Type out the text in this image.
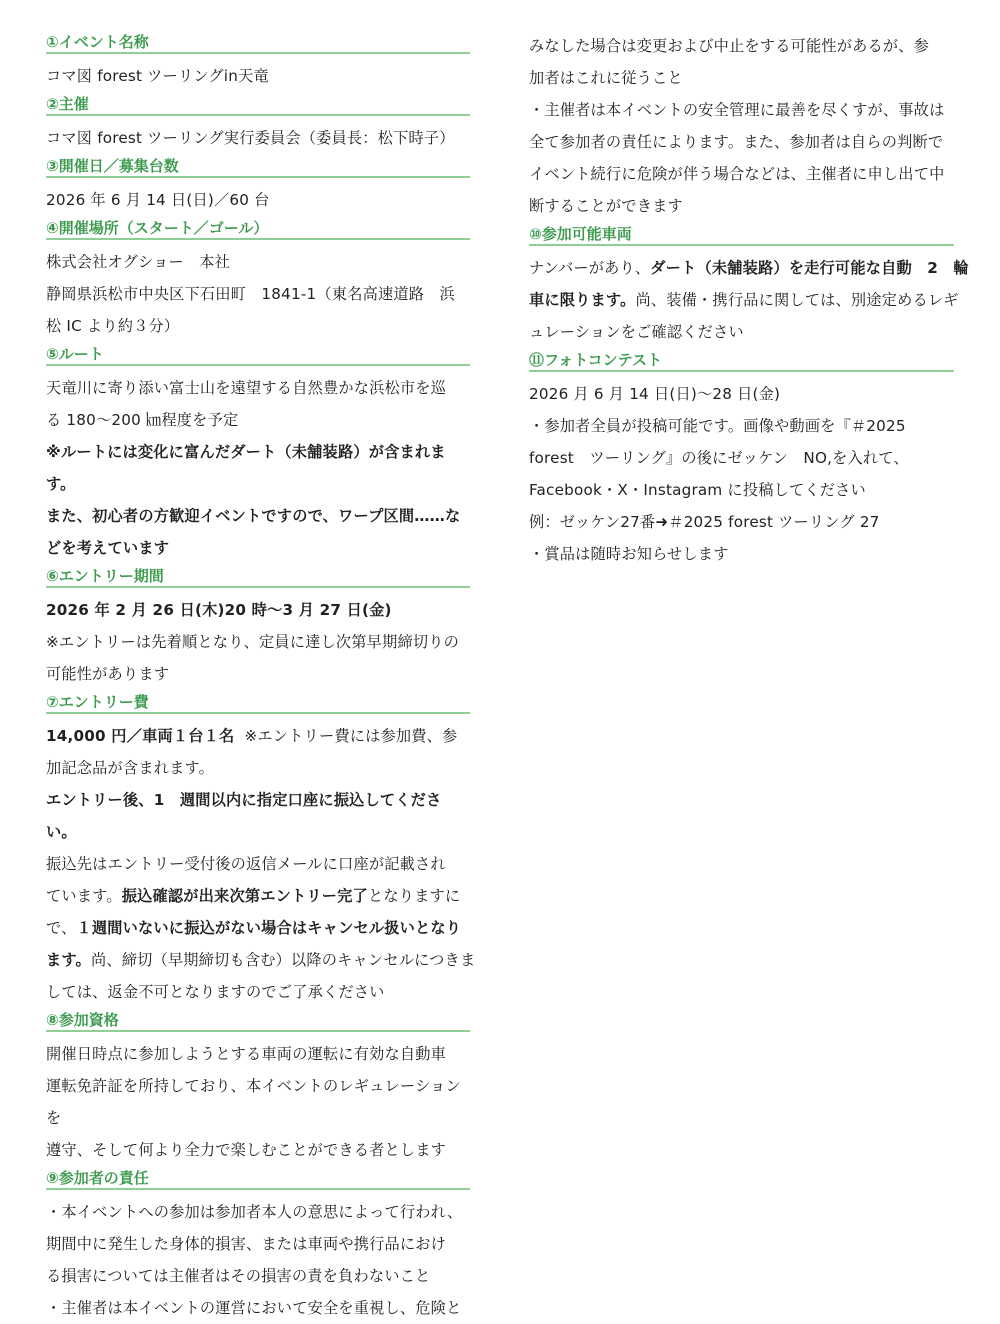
①イベント名称

コマ図 forest ツーリングin天竜

②主催

コマ図 forest ツーリング実行委員会（委員長：松下時子）

③開催日／募集台数

2026 年 6 月 14 日(日)／60 台

④開催場所（スタート／ゴール）

株式会社オグショー　本社

静岡県浜松市中央区下石田町　1841-1（東名高速道路　浜

松 IC より約３分）

⑤ルート

天竜川に寄り添い富士山を遠望する自然豊かな浜松市を巡

る 180～200 ㎞程度を予定

※ルートには変化に富んだダート（未舗装路）が含まれます。

また、初心者の方歓迎イベントですので、ワープ区間……な

どを考えています

⑥エントリー期間

2026 年 2 月 26 日(木)20 時～3 月 27 日(金)

※エントリーは先着順となり、定員に達し次第早期締切りの

可能性があります

⑦エントリー費

14,000 円／車両１台１名 ※エントリー費には参加費、参

加記念品が含まれます。

エントリー後、1　週間以内に指定口座に振込してください。

振込先はエントリー受付後の返信メールに口座が記載され

ています。振込確認が出来次第エントリー完了となりますに

で、１週間いないに振込がない場合はキャンセル扱いとなり

ます。尚、締切（早期締切も含む）以降のキャンセルにつきま

しては、返金不可となりますのでご了承ください

⑧参加資格

開催日時点に参加しようとする車両の運転に有効な自動車

運転免許証を所持しており、本イベントのレギュレーションを

遵守、そして何より全力で楽しむことができる者とします

⑨参加者の責任

・本イベントへの参加は参加者本人の意思によって行われ、

期間中に発生した身体的損害、または車両や携行品におけ

る損害については主催者はその損害の責を負わないこと

・主催者は本イベントの運営において安全を重視し、危険と

みなした場合は変更および中止をする可能性があるが、参

加者はこれに従うこと

・主催者は本イベントの安全管理に最善を尽くすが、事故は

全て参加者の責任によります。また、参加者は自らの判断で

イベント続行に危険が伴う場合などは、主催者に申し出て中

断することができます

⑩参加可能車両

ナンバーがあり、ダート（未舗装路）を走行可能な自動　2　輪

車に限ります。尚、装備・携行品に関しては、別途定めるレギ

ュレーションをご確認ください

⑪フォトコンテスト

2026 月 6 月 14 日(日)～28 日(金)

・参加者全員が投稿可能です。画像や動画を『＃2025

forest　ツーリング』の後にゼッケン　NO,を入れて、

Facebook・X・Instagram に投稿してください

例：ゼッケン27番➜＃2025 forest ツーリング 27

・賞品は随時お知らせします
